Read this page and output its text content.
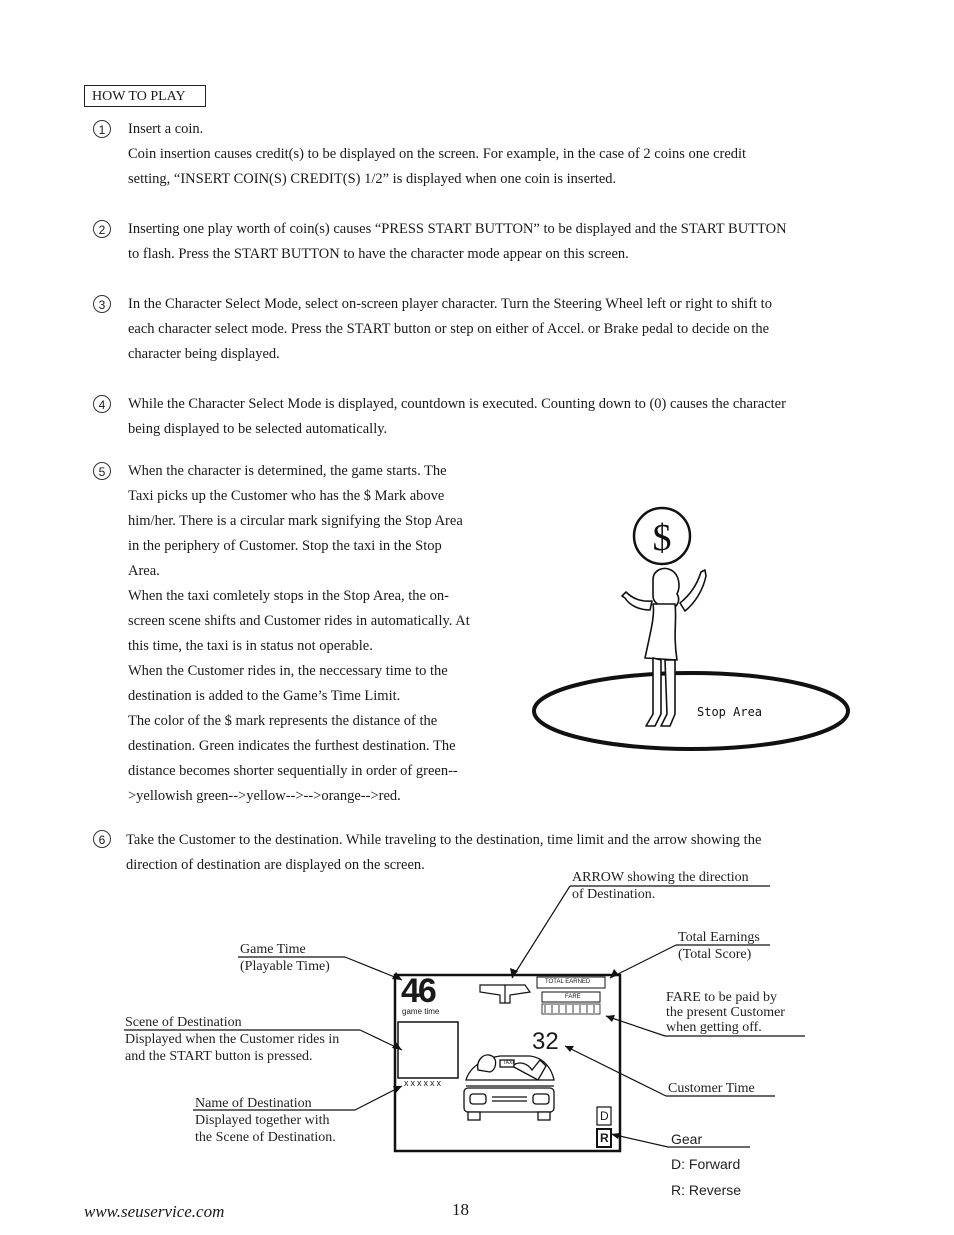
HOW TO PLAY
1	Insert a coin.
Coin insertion causes credit(s) to be displayed on the screen. For example, in the case of 2 coins one credit
setting, “INSERT COIN(S) CREDIT(S) 1/2” is displayed when one coin is inserted.
2	Inserting one play worth of coin(s) causes “PRESS START BUTTON” to be displayed and the START BUTTON
to flash. Press the START BUTTON to have the character mode appear on this screen.
3	In the Character Select Mode, select on-screen player character. Turn the Steering Wheel left or right to shift to
each character select mode. Press the START button or step on either of Accel. or Brake pedal to decide on the
character being displayed.
4	While the Character Select Mode is displayed, countdown is executed. Counting down to (0) causes the character
being displayed to be selected automatically.
5	When the character is determined, the game starts. The
Taxi picks up the Customer who has the $ Mark above
him/her. There is a circular mark signifying the Stop Area
in the periphery of Customer. Stop the taxi in the Stop
Area.
When the taxi comletely stops in the Stop Area, the on-
screen scene shifts and Customer rides in automatically. At
this time, the taxi is in status not operable.
When the Customer rides in, the neccessary time to the
destination is added to the Game’s Time Limit.
The color of the $ mark represents the distance of the
destination. Green indicates the furthest destination. The
distance becomes shorter sequentially in order of green--
>yellowish green-->yellow-->-->orange-->red.
$
Stop Area
6	Take the Customer to the destination. While traveling to the destination, time limit and the arrow showing the
direction of destination are displayed on the screen.
46
game time
TOTAL EARNED
FARE
32
xxxxxx
TAXI
D
R
ARROW showing the direction
of Destination.
Game Time
(Playable Time)
Total Earnings
(Total Score)
FARE to be paid by
the present Customer
when getting off.
Scene of Destination
Displayed when the Customer rides in
and the START button is pressed.
Customer Time
Name of Destination
Displayed together with
the Scene of Destination.	Gear
D: Forward
R: Reverse
www.seuservice.com	18
